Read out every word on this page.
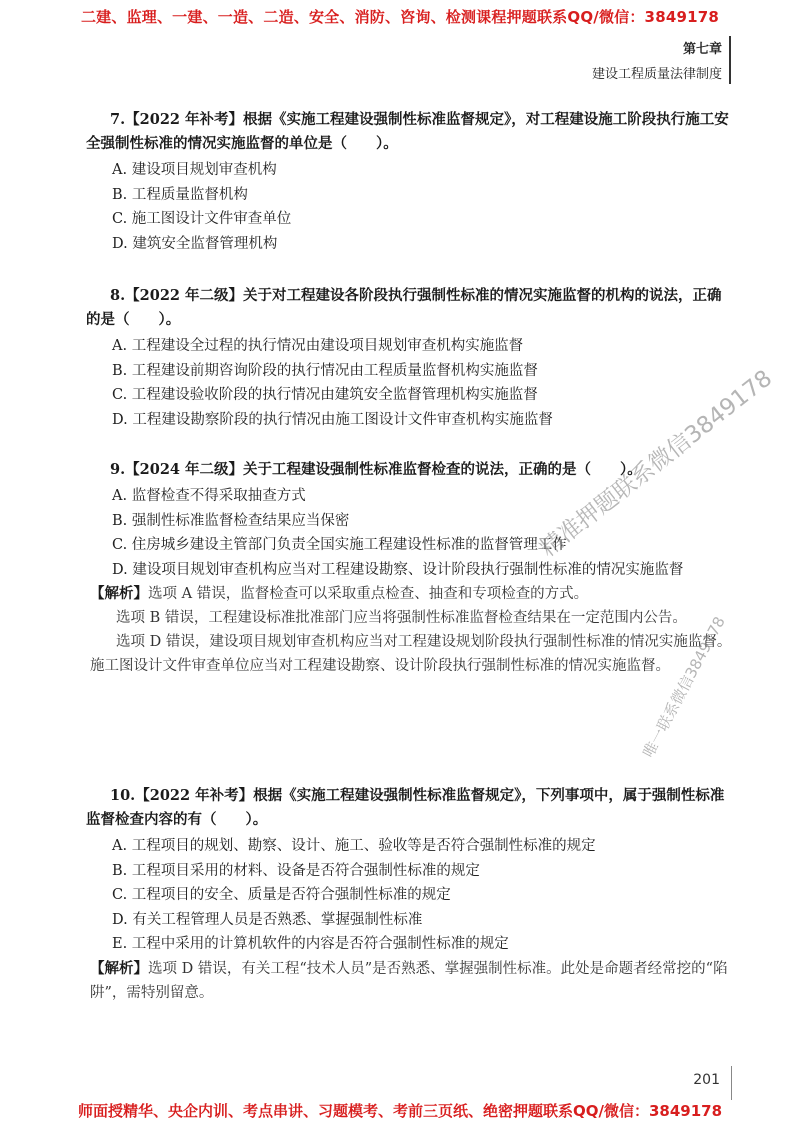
二建、监理、一建、一造、二造、安全、消防、咨询、检测课程押题联系QQ/微信：3849178
第七章
建设工程质量法律制度

7.【2022 年补考】根据《实施工程建设强制性标准监督规定》，对工程建设施工阶段执行施工安全强制性标准的情况实施监督的单位是（　　）。

A. 建设项目规划审查机构
B. 工程质量监督机构
C. 施工图设计文件审查单位
D. 建筑安全监督管理机构

8.【2022 年二级】关于对工程建设各阶段执行强制性标准的情况实施监督的机构的说法，正确的是（　　）。

A. 工程建设全过程的执行情况由建设项目规划审查机构实施监督
B. 工程建设前期咨询阶段的执行情况由工程质量监督机构实施监督
C. 工程建设验收阶段的执行情况由建筑安全监督管理机构实施监督
D. 工程建设勘察阶段的执行情况由施工图设计文件审查机构实施监督

9.【2024 年二级】关于工程建设强制性标准监督检查的说法，正确的是（　　）。

A. 监督检查不得采取抽查方式
B. 强制性标准监督检查结果应当保密
C. 住房城乡建设主管部门负责全国实施工程建设性标准的监督管理工作
D. 建设项目规划审查机构应当对工程建设勘察、设计阶段执行强制性标准的情况实施监督

【解析】选项 A 错误，监督检查可以采取重点检查、抽查和专项检查的方式。

选项 B 错误，工程建设标准批准部门应当将强制性标准监督检查结果在一定范围内公告。

选项 D 错误，建设项目规划审查机构应当对工程建设规划阶段执行强制性标准的情况实施监督。施工图设计文件审查单位应当对工程建设勘察、设计阶段执行强制性标准的情况实施监督。

10.【2022 年补考】根据《实施工程建设强制性标准监督规定》，下列事项中，属于强制性标准监督检查内容的有（　　）。

A. 工程项目的规划、勘察、设计、施工、验收等是否符合强制性标准的规定
B. 工程项目采用的材料、设备是否符合强制性标准的规定
C. 工程项目的安全、质量是否符合强制性标准的规定
D. 有关工程管理人员是否熟悉、掌握强制性标准
E. 工程中采用的计算机软件的内容是否符合强制性标准的规定

【解析】选项 D 错误，有关工程“技术人员”是否熟悉、掌握强制性标准。此处是命题者经常挖的“陷阱”，需特别留意。

精准押题联系微信3849178
唯一联系微信3849178
201
师面授精华、央企内训、考点串讲、习题模考、考前三页纸、绝密押题联系QQ/微信：3849178
